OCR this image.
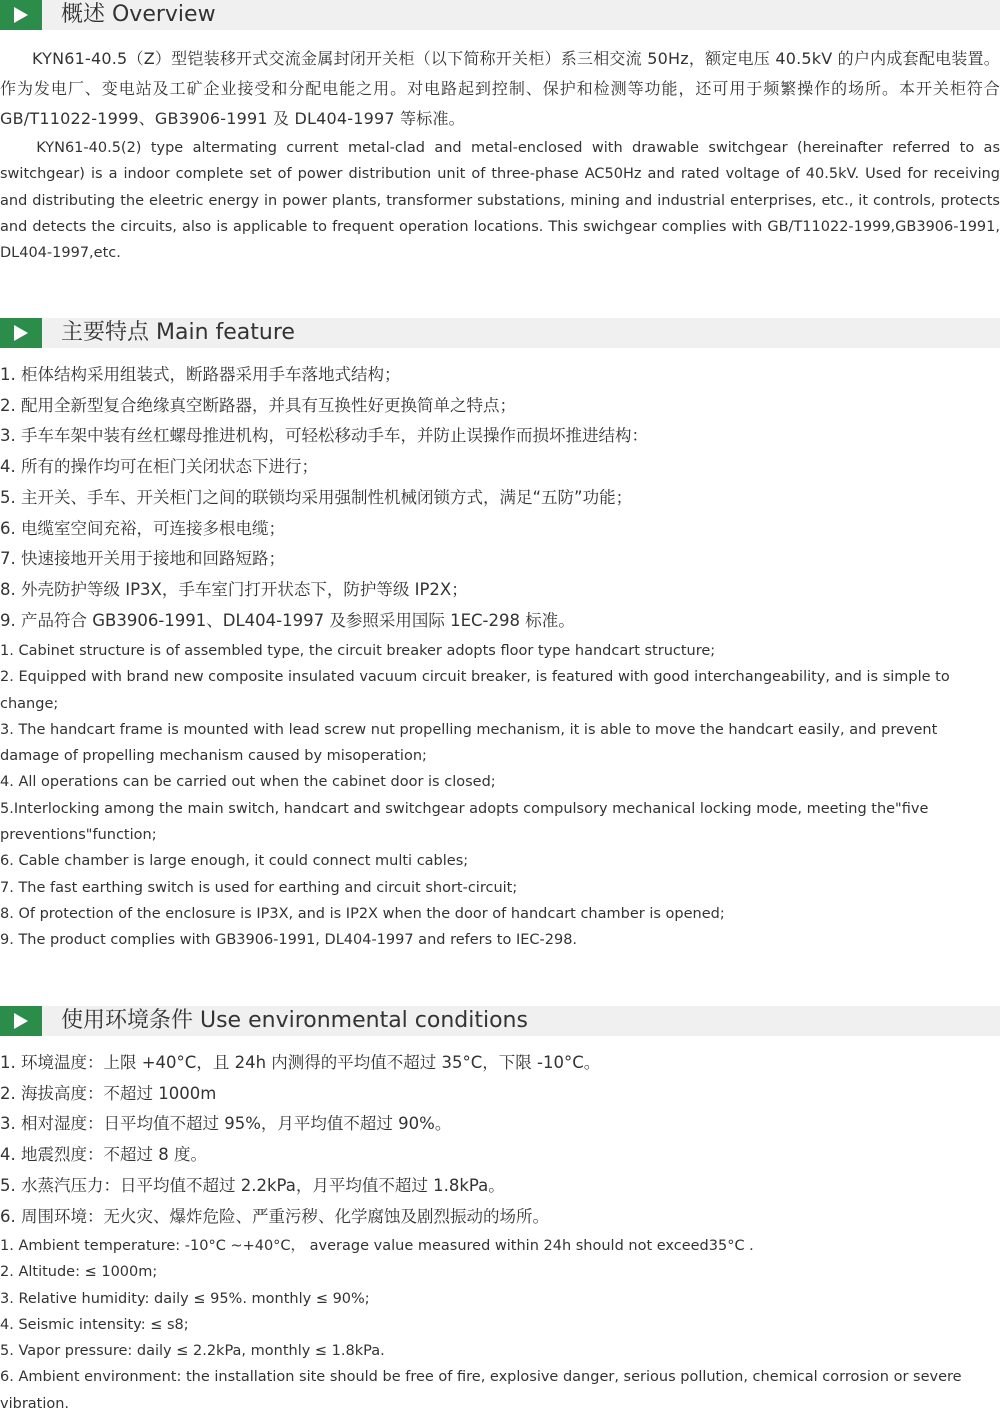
概述 Overview

KYN61-40.5（Z）型铠装移开式交流金属封闭开关柜（以下简称开关柜）系三相交流 50Hz，额定电压 40.5kV 的户内成套配电装置。作为发电厂、变电站及工矿企业接受和分配电能之用。对电路起到控制、保护和检测等功能，还可用于频繁操作的场所。本开关柜符合 GB/T11022-1999、GB3906-1991 及 DL404-1997 等标准。

KYN61-40.5(2) type altermating current metal-clad and metal-enclosed with drawable switchgear (hereinafter referred to as switchgear) is a indoor complete set of power distribution unit of three-phase AC50Hz and rated voltage of 40.5kV. Used for receiving and distributing the eleetric energy in power plants, transformer substations, mining and industrial enterprises, etc., it controls, protects and detects the circuits, also is applicable to frequent operation locations. This swichgear complies with GB/T11022-1999,GB3906-1991, DL404-1997,etc.

主要特点 Main feature
1. 柜体结构采用组装式，断路器采用手车落地式结构；
2. 配用全新型复合绝缘真空断路器，并具有互换性好更换简单之特点；
3. 手车车架中装有丝杠螺母推进机构，可轻松移动手车，并防止误操作而损坏推进结构：
4. 所有的操作均可在柜门关闭状态下进行；
5. 主开关、手车、开关柜门之间的联锁均采用强制性机械闭锁方式，满足“五防”功能；
6. 电缆室空间充裕，可连接多根电缆；
7. 快速接地开关用于接地和回路短路；
8. 外壳防护等级 IP3X，手车室门打开状态下，防护等级 IP2X；
9. 产品符合 GB3906-1991、DL404-1997 及参照采用国际 1EC-298 标准。
1. Cabinet structure is of assembled type, the circuit breaker adopts floor type handcart structure;
2. Equipped with brand new composite insulated vacuum circuit breaker, is featured with good interchangeability, and is simple to change;
3. The handcart frame is mounted with lead screw nut propelling mechanism, it is able to move the handcart easily, and prevent damage of propelling mechanism caused by misoperation;
4. All operations can be carried out when the cabinet door is closed;
5.Interlocking among the main switch, handcart and switchgear adopts compulsory mechanical locking mode, meeting the"five preventions"function;
6. Cable chamber is large enough, it could connect multi cables;
7. The fast earthing switch is used for earthing and circuit short-circuit;
8. Of protection of the enclosure is IP3X, and is IP2X when the door of handcart chamber is opened;
9. The product complies with GB3906-1991, DL404-1997 and refers to IEC-298.
使用环境条件 Use environmental conditions
1. 环境温度：上限 +40°C，且 24h 内测得的平均值不超过 35°C，下限 -10°C。
2. 海拔高度：不超过 1000m
3. 相对湿度：日平均值不超过 95%，月平均值不超过 90%。
4. 地震烈度：不超过 8 度。
5. 水蒸汽压力：日平均值不超过 2.2kPa，月平均值不超过 1.8kPa。
6. 周围环境：无火灾、爆炸危险、严重污秽、化学腐蚀及剧烈振动的场所。
1. Ambient temperature: -10°C ~+40°C， average value measured within 24h should not exceed35°C .
2. Altitude: ≤ 1000m;
3. Relative humidity: daily ≤ 95%. monthly ≤ 90%;
4. Seismic intensity: ≤ s8;
5. Vapor pressure: daily ≤ 2.2kPa, monthly ≤ 1.8kPa.
6. Ambient environment: the installation site should be free of fire, explosive danger, serious pollution, chemical corrosion or severe vibration.
